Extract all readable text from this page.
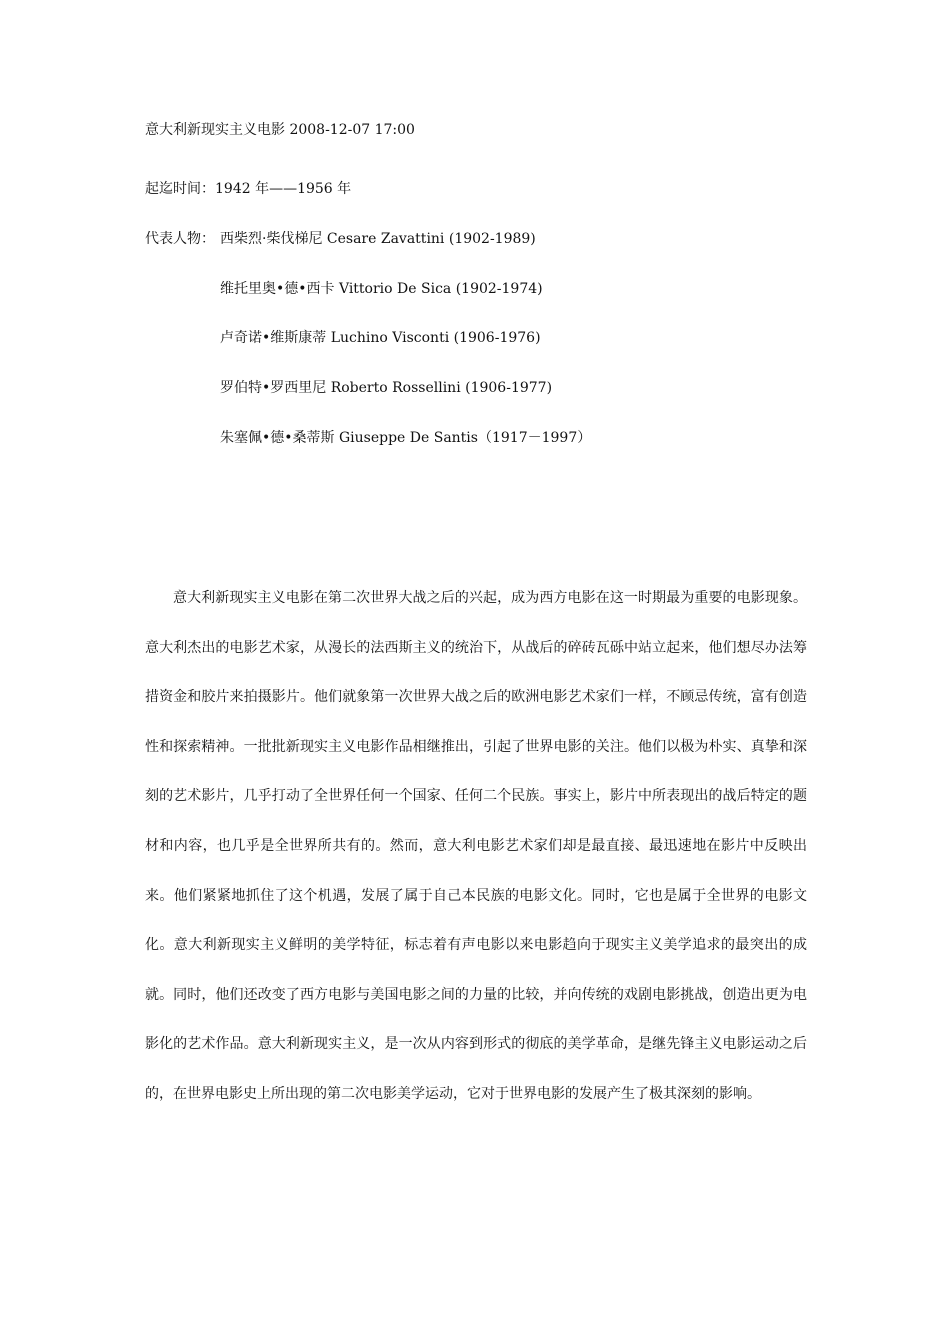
意大利新现实主义电影 2008-12-07 17:00
起迄时间：1942 年——1956 年
代表人物： 西柴烈·柴伐梯尼 Cesare Zavattini (1902-1989)
维托里奥•德•西卡 Vittorio De Sica (1902-1974)
卢奇诺•维斯康蒂 Luchino Visconti (1906-1976)
罗伯特•罗西里尼 Roberto Rossellini (1906-1977)
朱塞佩•德•桑蒂斯 Giuseppe De Santis（1917－1997）

意大利新现实主义电影在第二次世界大战之后的兴起，成为西方电影在这一时期最为重要的电影现象。意大利杰出的电影艺术家，从漫长的法西斯主义的统治下，从战后的碎砖瓦砾中站立起来，他们想尽办法筹措资金和胶片来拍摄影片。他们就象第一次世界大战之后的欧洲电影艺术家们一样，不顾忌传统，富有创造性和探索精神。一批批新现实主义电影作品相继推出，引起了世界电影的关注。他们以极为朴实、真挚和深刻的艺术影片，几乎打动了全世界任何一个国家、任何二个民族。事实上，影片中所表现出的战后特定的题材和内容，也几乎是全世界所共有的。然而，意大利电影艺术家们却是最直接、最迅速地在影片中反映出来。他们紧紧地抓住了这个机遇，发展了属于自己本民族的电影文化。同时，它也是属于全世界的电影文化。意大利新现实主义鲜明的美学特征，标志着有声电影以来电影趋向于现实主义美学追求的最突出的成就。同时，他们还改变了西方电影与美国电影之间的力量的比较，并向传统的戏剧电影挑战，创造出更为电影化的艺术作品。意大利新现实主义，是一次从内容到形式的彻底的美学革命，是继先锋主义电影运动之后的，在世界电影史上所出现的第二次电影美学运动，它对于世界电影的发展产生了极其深刻的影响。
